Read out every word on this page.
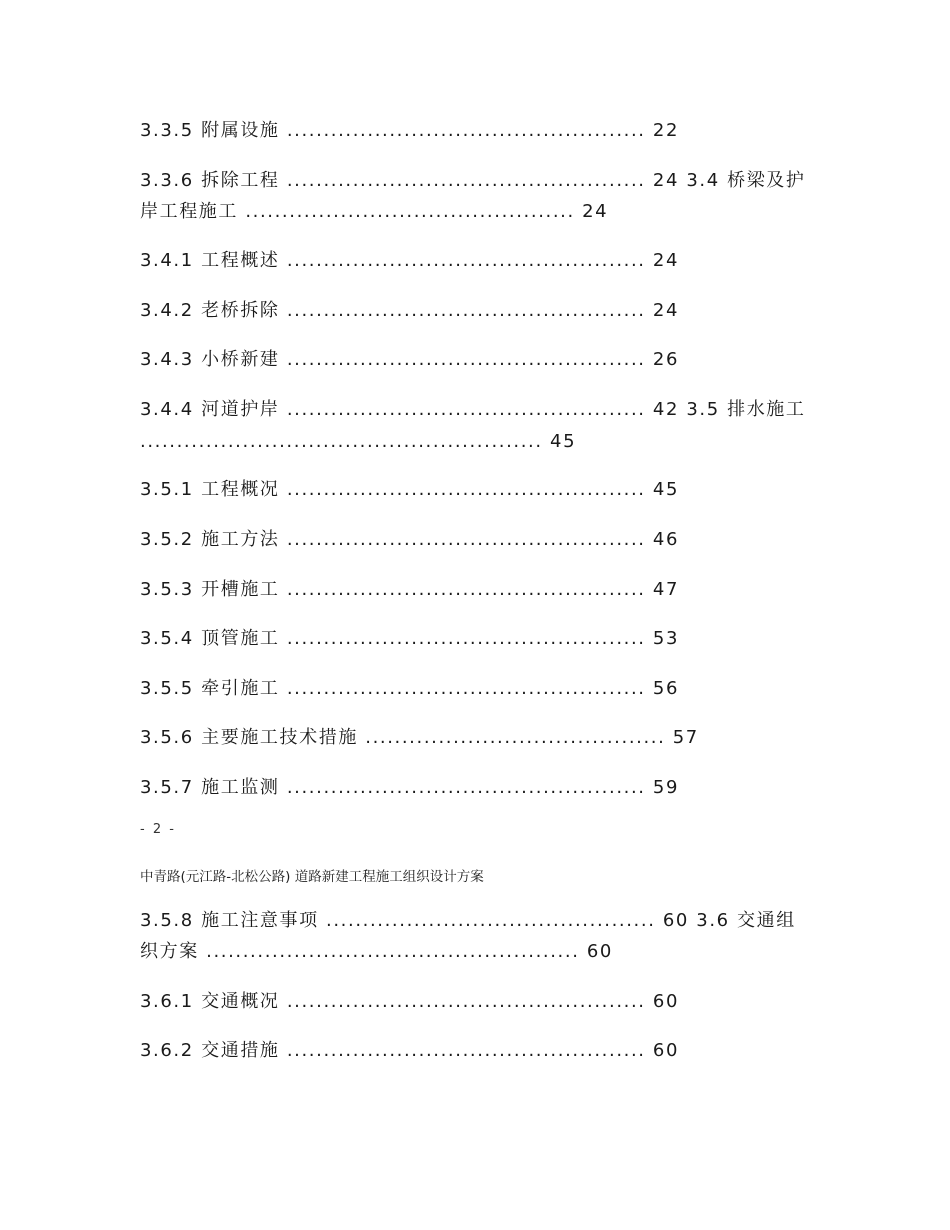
3.3.5 附属设施 ................................................. 22
3.3.6 拆除工程 ................................................. 24 3.4 桥梁及护
岸工程施工 ............................................. 24
3.4.1 工程概述 ................................................. 24
3.4.2 老桥拆除 ................................................. 24
3.4.3 小桥新建 ................................................. 26
3.4.4 河道护岸 ................................................. 42 3.5 排水施工
....................................................... 45
3.5.1 工程概况 ................................................. 45
3.5.2 施工方法 ................................................. 46
3.5.3 开槽施工 ................................................. 47
3.5.4 顶管施工 ................................................. 53
3.5.5 牵引施工 ................................................. 56
3.5.6 主要施工技术措施 ......................................... 57
3.5.7 施工监测 ................................................. 59
- 2 -
中青路(元江路-北松公路) 道路新建工程施工组织设计方案
3.5.8 施工注意事项 ............................................. 60 3.6 交通组
织方案 ................................................... 60
3.6.1 交通概况 ................................................. 60
3.6.2 交通措施 ................................................. 60
